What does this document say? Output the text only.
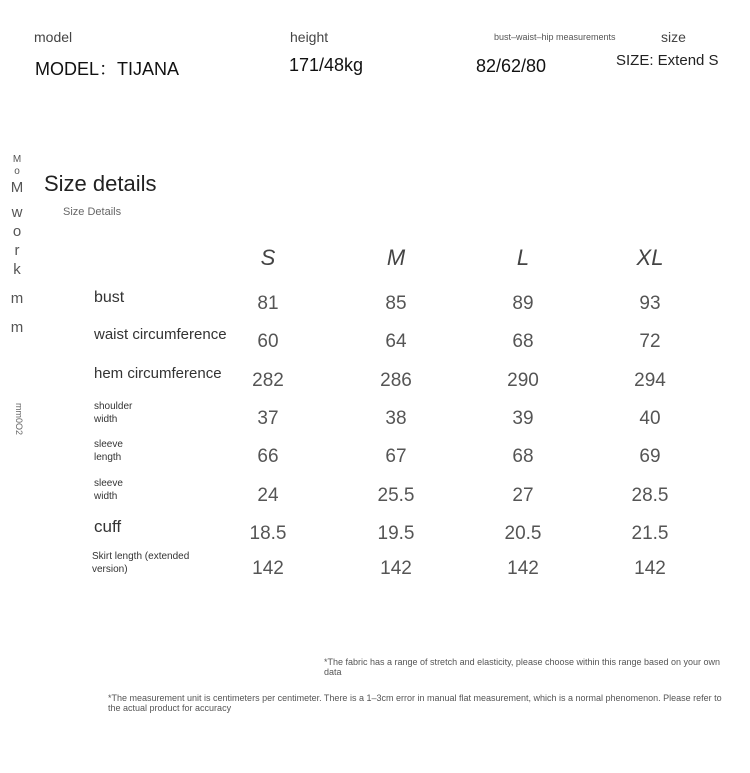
model
MODEL：TIJANA
height
171/48kg
bust–waist–hip measurements
82/62/80
size
SIZE: Extend S
M
o
M
w
o
r
k
m
m
mm0O2
Size details
Size Details
S	M	L	XL
bust	81	85	89	93
waist circumference	60	64	68	72
hem circumference	282	286	290	294
shoulder width	37	38	39	40
sleeve length	66	67	68	69
sleeve width	24	25.5	27	28.5
cuff	18.5	19.5	20.5	21.5
Skirt length (extended version)	142	142	142	142
*The fabric has a range of stretch and elasticity, please choose within this range based on your own data
*The measurement unit is centimeters per centimeter. There is a 1–3cm error in manual flat measurement, which is a normal phenomenon. Please refer to the actual product for accuracy
